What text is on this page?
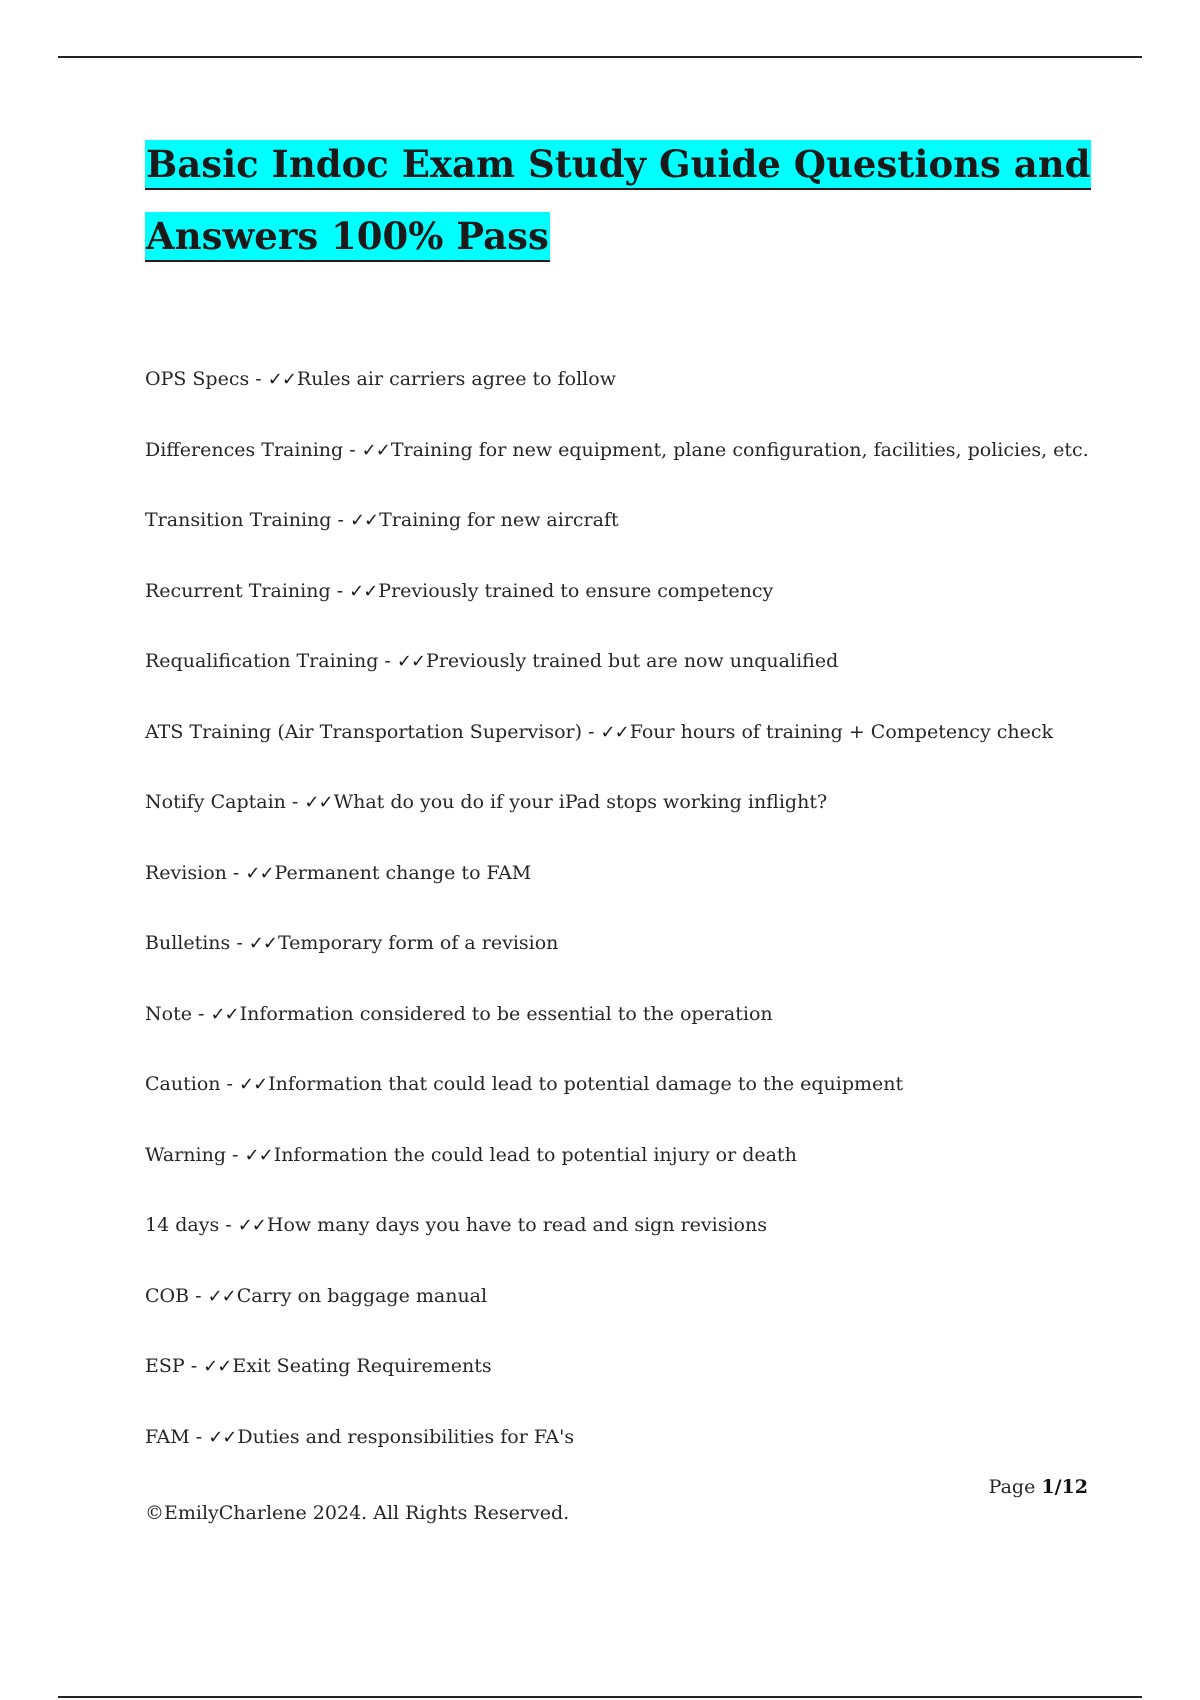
Basic Indoc Exam Study Guide Questions and
Answers 100% Pass
OPS Specs - ✓✓Rules air carriers agree to follow
Differences Training - ✓✓Training for new equipment, plane configuration, facilities, policies, etc.
Transition Training - ✓✓Training for new aircraft
Recurrent Training - ✓✓Previously trained to ensure competency
Requalification Training - ✓✓Previously trained but are now unqualified
ATS Training (Air Transportation Supervisor) - ✓✓Four hours of training + Competency check
Notify Captain - ✓✓What do you do if your iPad stops working inflight?
Revision - ✓✓Permanent change to FAM
Bulletins - ✓✓Temporary form of a revision
Note - ✓✓Information considered to be essential to the operation
Caution - ✓✓Information that could lead to potential damage to the equipment
Warning - ✓✓Information the could lead to potential injury or death
14 days - ✓✓How many days you have to read and sign revisions
COB - ✓✓Carry on baggage manual
ESP - ✓✓Exit Seating Requirements
FAM - ✓✓Duties and responsibilities for FA's
Page 1/12
©EmilyCharlene 2024. All Rights Reserved.
